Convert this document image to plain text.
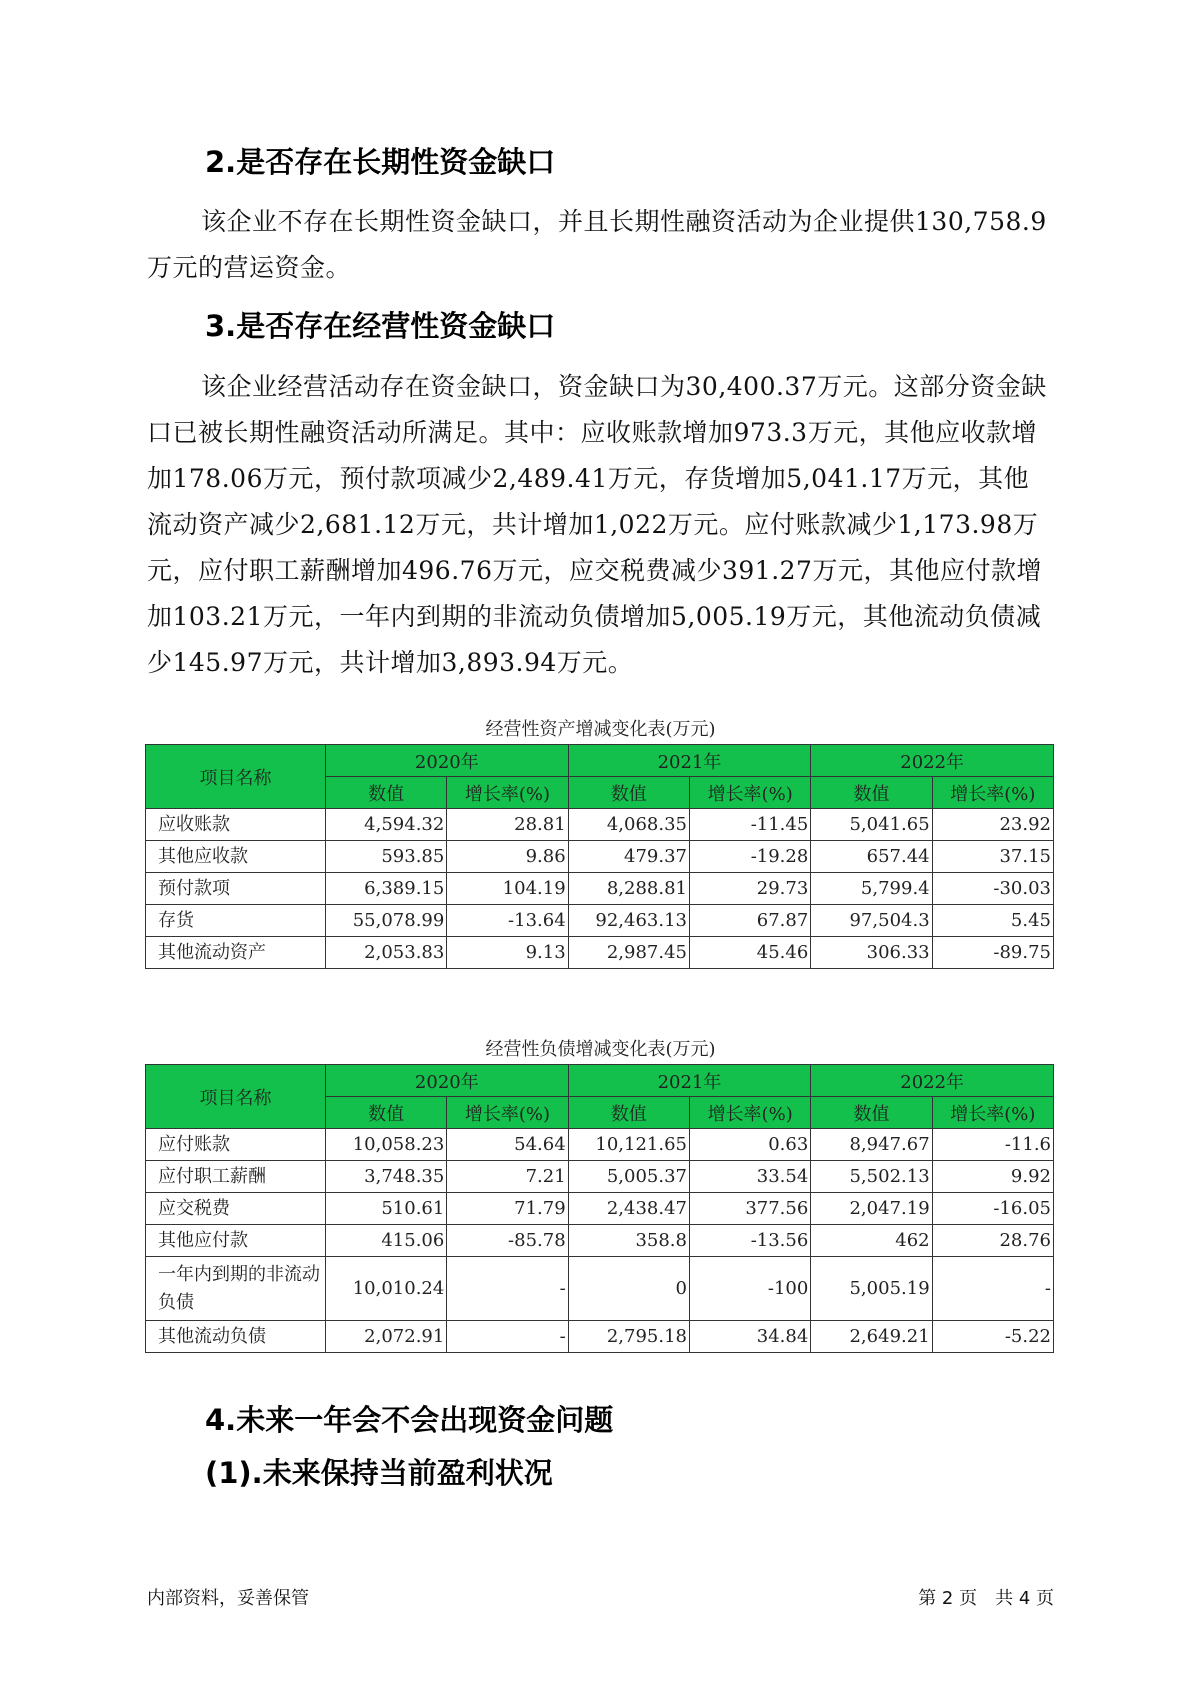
2.是否存在长期性资金缺口

该企业不存在长期性资金缺口，并且长期性融资活动为企业提供130,758.9万元的营运资金。

3.是否存在经营性资金缺口

该企业经营活动存在资金缺口，资金缺口为30,400.37万元。这部分资金缺口已被长期性融资活动所满足。其中：应收账款增加973.3万元，其他应收款增加178.06万元，预付款项减少2,489.41万元，存货增加5,041.17万元，其他流动资产减少2,681.12万元，共计增加1,022万元。应付账款减少1,173.98万元，应付职工薪酬增加496.76万元，应交税费减少391.27万元，其他应付款增加103.21万元，一年内到期的非流动负债增加5,005.19万元，其他流动负债减少145.97万元，共计增加3,893.94万元。

经营性资产增减变化表(万元)
项目名称	2020年		2021年		2022年	
	数值	增长率(%)	数值	增长率(%)	数值	增长率(%)
应收账款	4,594.32	28.81	4,068.35	-11.45	5,041.65	23.92
其他应收款	593.85	9.86	479.37	-19.28	657.44	37.15
预付款项	6,389.15	104.19	8,288.81	29.73	5,799.4	-30.03
存货	55,078.99	-13.64	92,463.13	67.87	97,504.3	5.45
其他流动资产	2,053.83	9.13	2,987.45	45.46	306.33	-89.75
经营性负债增减变化表(万元)
项目名称	2020年		2021年		2022年	
	数值	增长率(%)	数值	增长率(%)	数值	增长率(%)
应付账款	10,058.23	54.64	10,121.65	0.63	8,947.67	-11.6
应付职工薪酬	3,748.35	7.21	5,005.37	33.54	5,502.13	9.92
应交税费	510.61	71.79	2,438.47	377.56	2,047.19	-16.05
其他应付款	415.06	-85.78	358.8	-13.56	462	28.76
一年内到期的非流动负债	10,010.24	-	0	-100	5,005.19	-
其他流动负债	2,072.91	-	2,795.18	34.84	2,649.21	-5.22
4.未来一年会不会出现资金问题
(1).未来保持当前盈利状况
内部资料，妥善保管	第 2 页　共 4 页
